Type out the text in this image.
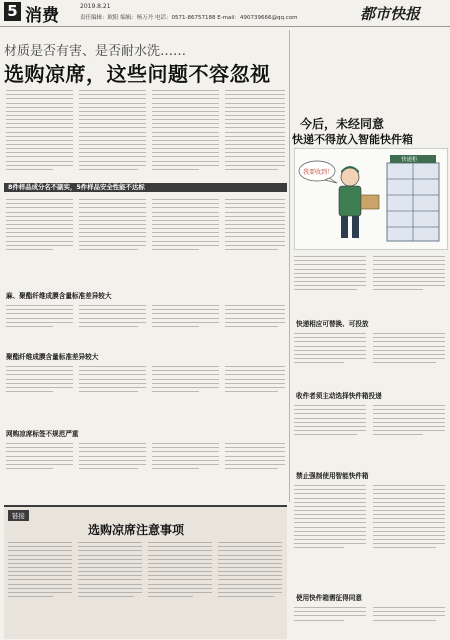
5 消费	2019.8.21
责任编辑：欧阳 编辑：杨万丹 电话：0571-86757188 E-mail：490739666@qq.com	都市快报
材质是否有害、是否耐水洗……
选购凉席，这些问题不容忽视
8件样品成分名不副实，5件样品安全性能不达标
麻、聚酯纤维成膜含量标准差异较大
聚酯纤维成膜含量标准差异较大
网购凉席标签不规范严重
今后，未经同意
快递不得放入智能快件箱
我要收到！
快递柜
快递相应可替换、可投放
收件者须主动选择快件箱投递
禁止强制使用智能快件箱
使用快件箱需征得同意
链接
选购凉席注意事项
